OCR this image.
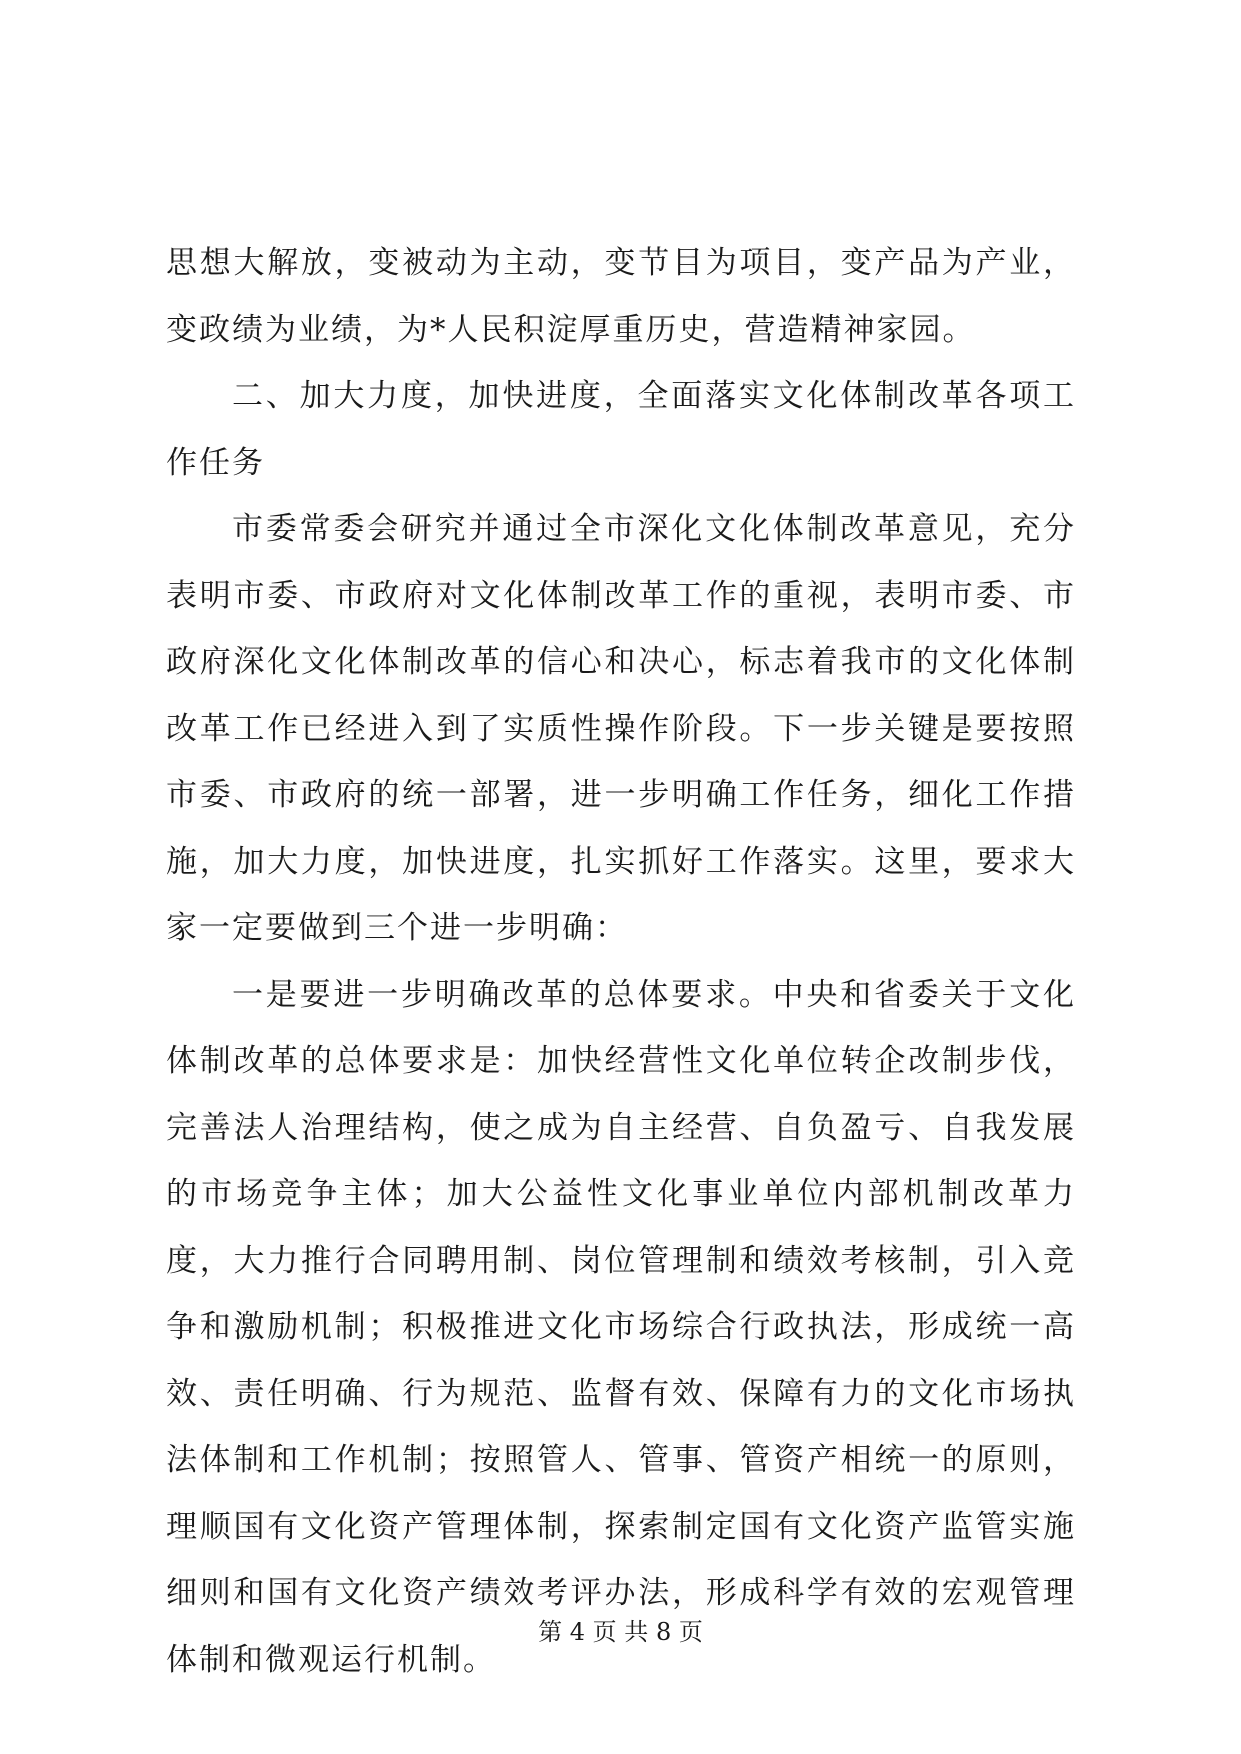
思想大解放，变被动为主动，变节目为项目，变产品为产业，变政绩为业绩，为*人民积淀厚重历史，营造精神家园。

二、加大力度，加快进度，全面落实文化体制改革各项工作任务

市委常委会研究并通过全市深化文化体制改革意见，充分表明市委、市政府对文化体制改革工作的重视，表明市委、市政府深化文化体制改革的信心和决心，标志着我市的文化体制改革工作已经进入到了实质性操作阶段。下一步关键是要按照市委、市政府的统一部署，进一步明确工作任务，细化工作措施，加大力度，加快进度，扎实抓好工作落实。这里，要求大家一定要做到三个进一步明确：

一是要进一步明确改革的总体要求。中央和省委关于文化体制改革的总体要求是：加快经营性文化单位转企改制步伐，完善法人治理结构，使之成为自主经营、自负盈亏、自我发展的市场竞争主体；加大公益性文化事业单位内部机制改革力度，大力推行合同聘用制、岗位管理制和绩效考核制，引入竞争和激励机制；积极推进文化市场综合行政执法，形成统一高效、责任明确、行为规范、监督有效、保障有力的文化市场执法体制和工作机制；按照管人、管事、管资产相统一的原则，理顺国有文化资产管理体制，探索制定国有文化资产监管实施细则和国有文化资产绩效考评办法，形成科学有效的宏观管理体制和微观运行机制。

第 4 页 共 8 页
